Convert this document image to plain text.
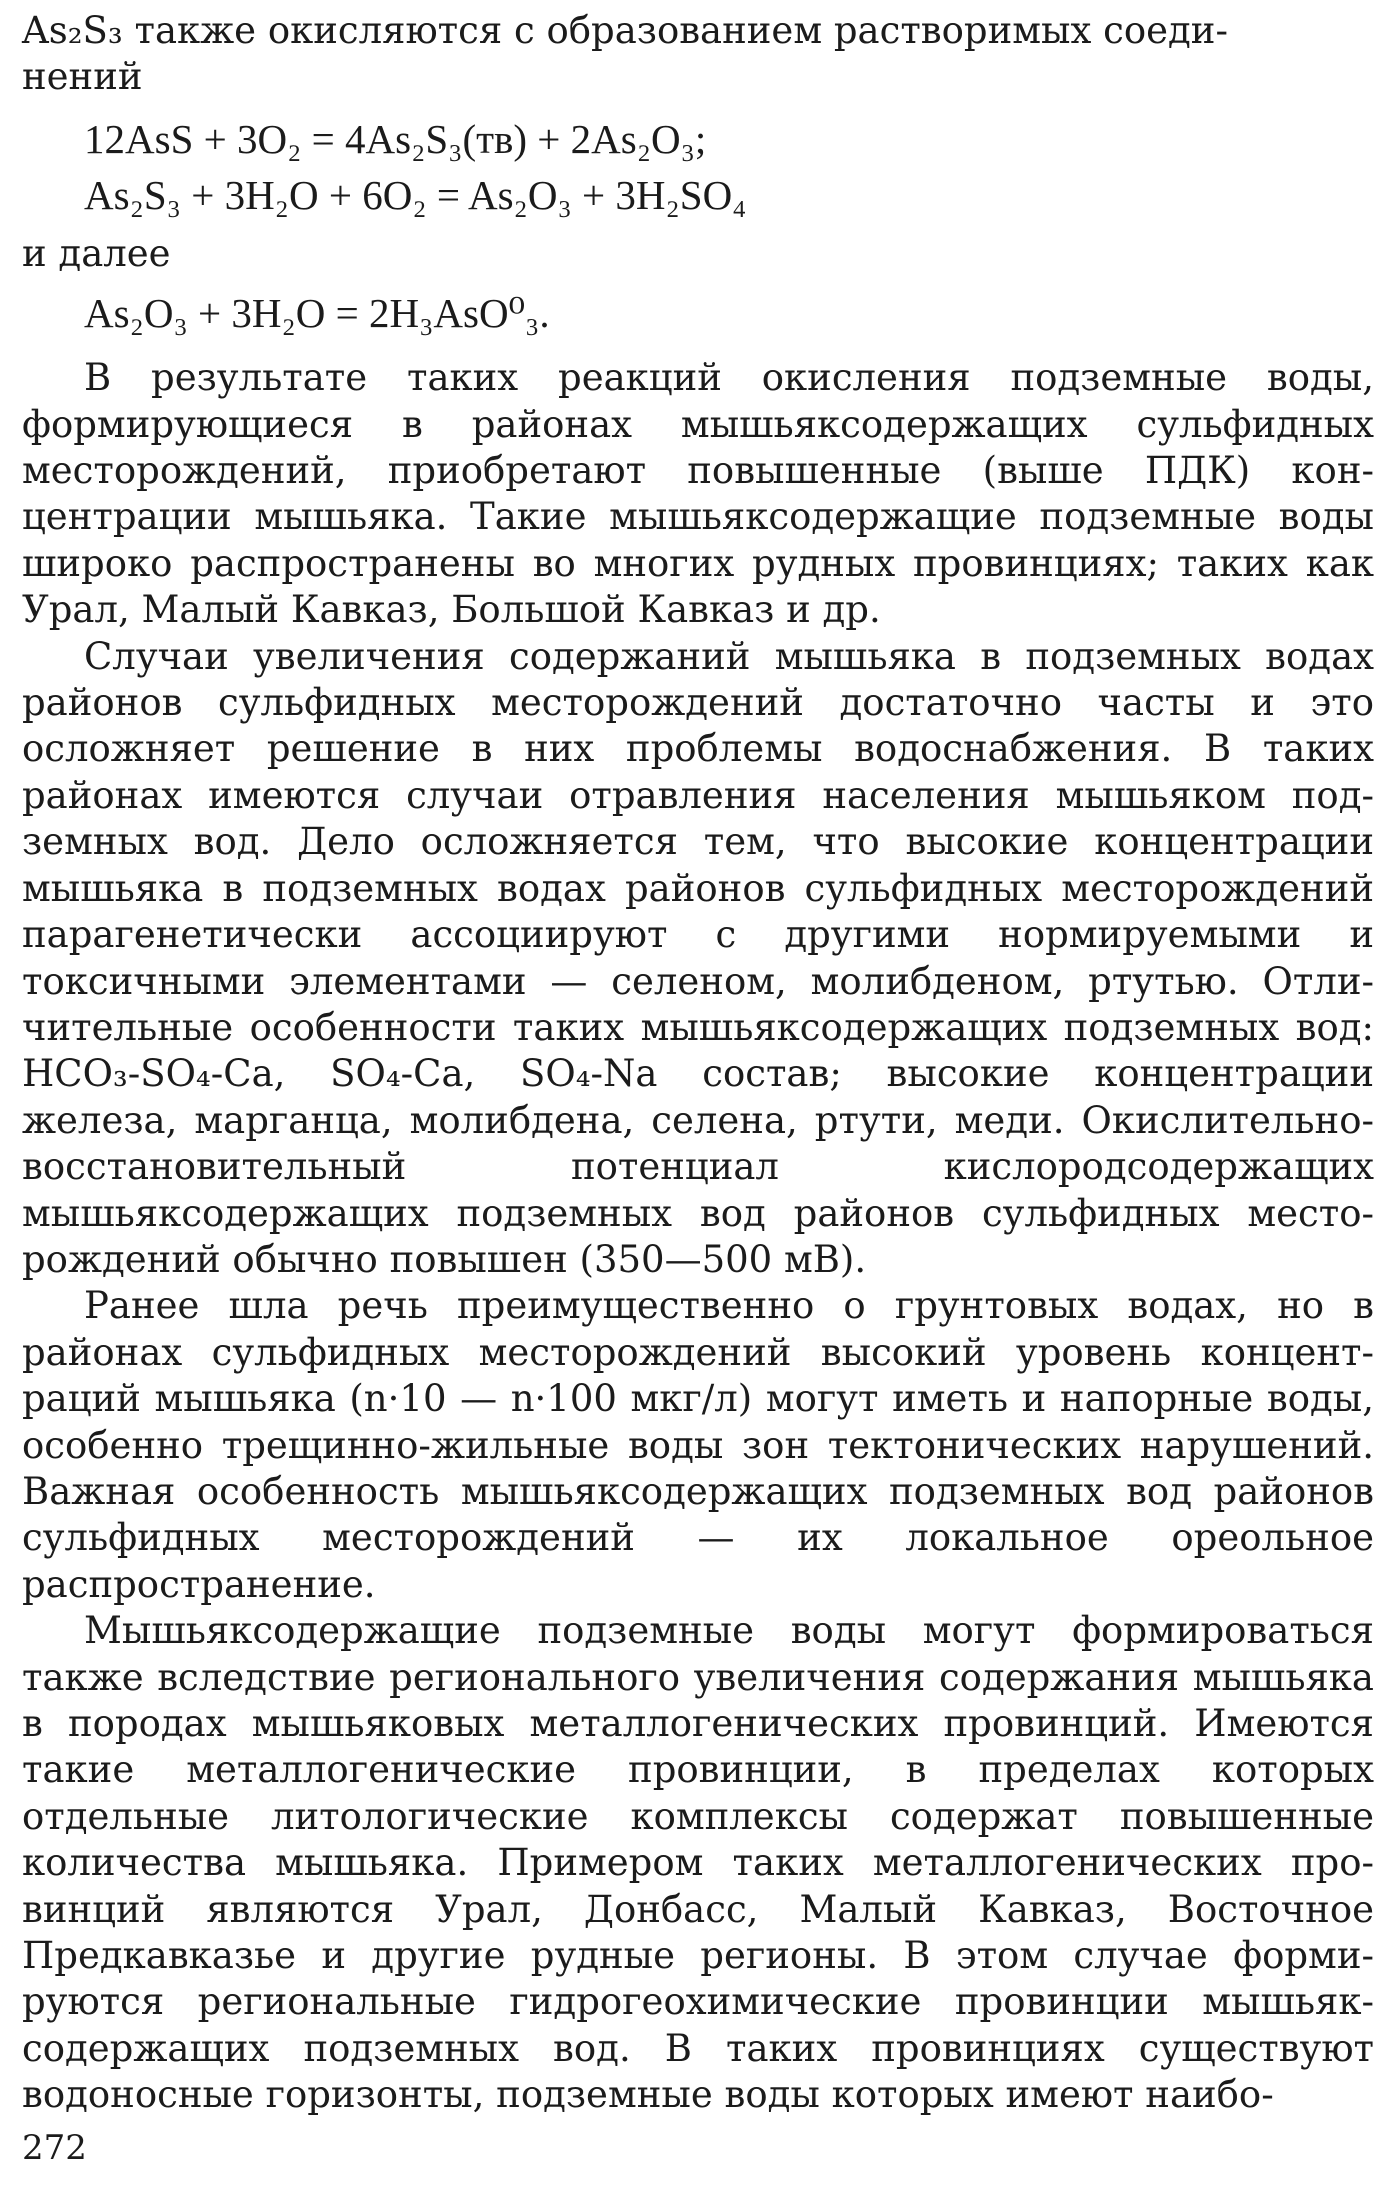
As₂S₃ также окисляются с образованием растворимых соеди-
нений

12AsS + 3O₂ = 4As₂S₃(тв) + 2As₂O₃;
As₂S₃ + 3H₂O + 6O₂ = As₂O₃ + 3H₂SO₄

и далее

As₂O₃ + 3H₂O = 2H₃AsO⁰₃.

В результате таких реакций окисления подземные воды, формирующиеся в районах мышьяксодержащих сульфидных месторождений, приобретают повышенные (выше ПДК) концентрации мышьяка. Такие мышьяксодержащие подземные воды широко распространены во многих рудных провинциях; таких как Урал, Малый Кавказ, Большой Кавказ и др.

Случаи увеличения содержаний мышьяка в подземных водах районов сульфидных месторождений достаточно часты и это осложняет решение в них проблемы водоснабжения. В таких районах имеются случаи отравления населения мышьяком подземных вод. Дело осложняется тем, что высокие концентрации мышьяка в подземных водах районов сульфидных месторождений парагенетически ассоциируют с другими нормируемыми и токсичными элементами — селеном, молибденом, ртутью. Отличительные особенности таких мышьяксодержащих подземных вод: HCO₃-SO₄-Ca, SO₄-Ca, SO₄-Na состав; высокие концентрации железа, марганца, молибдена, селена, ртути, меди. Окислительно-восстановительный потенциал кислородсодержащих мышьяксодержащих подземных вод районов сульфидных месторождений обычно повышен (350—500 мВ).

Ранее шла речь преимущественно о грунтовых водах, но в районах сульфидных месторождений высокий уровень концентраций мышьяка (n·10 — n·100 мкг/л) могут иметь и напорные воды, особенно трещинно-жильные воды зон тектонических нарушений. Важная особенность мышьяксодержащих подземных вод районов сульфидных месторождений — их локальное ореольное распространение.

Мышьяксодержащие подземные воды могут формироваться также вследствие регионального увеличения содержания мышьяка в породах мышьяковых металлогенических провинций. Имеются такие металлогенические провинции, в пределах которых отдельные литологические комплексы содержат повышенные количества мышьяка. Примером таких металлогенических провинций являются Урал, Донбасс, Малый Кавказ, Восточное Предкавказье и другие рудные регионы. В этом случае формируются региональные гидрогеохимические провинции мышьяксодержащих подземных вод. В таких провинциях существуют водоносные горизонты, подземные воды которых имеют наибо-

272
